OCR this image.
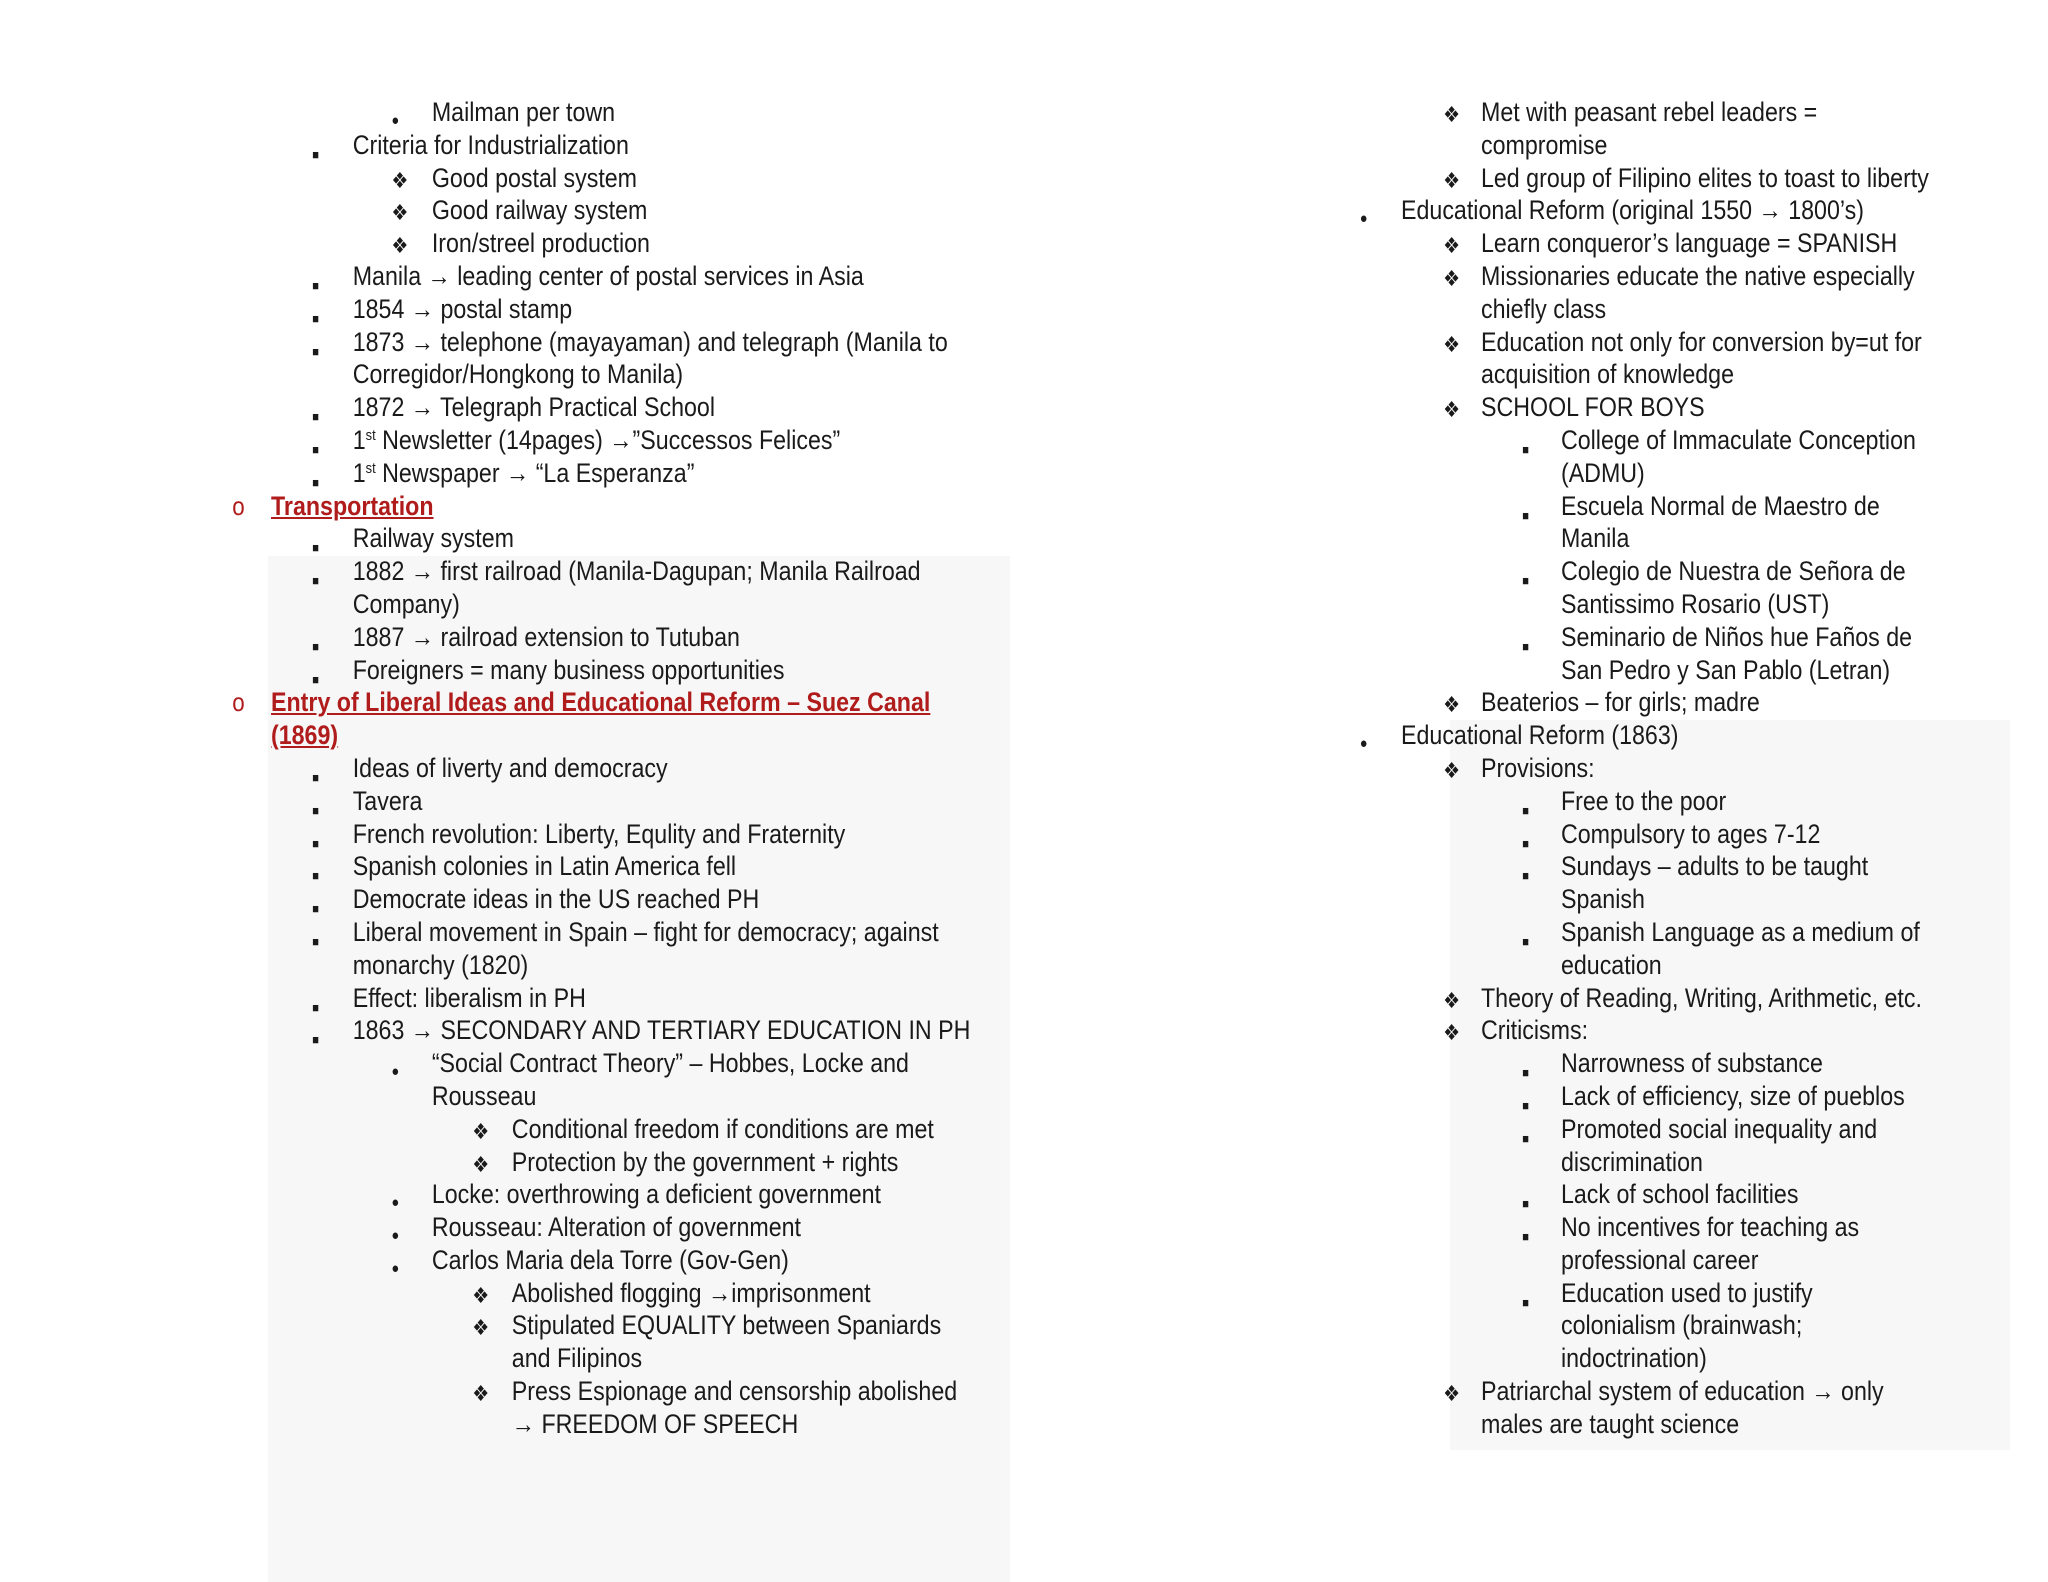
● Mailman per town
■ Criteria for Industrialization
❖ Good postal system
❖ Good railway system
❖ Iron/streel production
■ Manila → leading center of postal services in Asia
■ 1854 → postal stamp
■ 1873 → telephone (mayayaman) and telegraph (Manila to
Corregidor/Hongkong to Manila)
■ 1872 → Telegraph Practical School
■ 1st Newsletter (14pages) →”Successos Felices”
■ 1st Newspaper → “La Esperanza”
o Transportation
■ Railway system
■ 1882 → first railroad (Manila-Dagupan; Manila Railroad
Company)
■ 1887 → railroad extension to Tutuban
■ Foreigners = many business opportunities
o Entry of Liberal Ideas and Educational Reform – Suez Canal
(1869)
■ Ideas of liverty and democracy
■ Tavera
■ French revolution: Liberty, Equlity and Fraternity
■ Spanish colonies in Latin America fell
■ Democrate ideas in the US reached PH
■ Liberal movement in Spain – fight for democracy; against
monarchy (1820)
■ Effect: liberalism in PH
■ 1863 → SECONDARY AND TERTIARY EDUCATION IN PH
● “Social Contract Theory” – Hobbes, Locke and
Rousseau
❖ Conditional freedom if conditions are met
❖ Protection by the government + rights
● Locke: overthrowing a deficient government
● Rousseau: Alteration of government
● Carlos Maria dela Torre (Gov-Gen)
❖ Abolished flogging →imprisonment
❖ Stipulated EQUALITY between Spaniards
and Filipinos
❖ Press Espionage and censorship abolished
→ FREEDOM OF SPEECH
❖ Met with peasant rebel leaders =
compromise
❖ Led group of Filipino elites to toast to liberty
● Educational Reform (original 1550 → 1800’s)
❖ Learn conqueror’s language = SPANISH
❖ Missionaries educate the native especially
chiefly class
❖ Education not only for conversion by=ut for
acquisition of knowledge
❖ SCHOOL FOR BOYS
■ College of Immaculate Conception
(ADMU)
■ Escuela Normal de Maestro de
Manila
■ Colegio de Nuestra de Señora de
Santissimo Rosario (UST)
■ Seminario de Niños hue Faños de
San Pedro y San Pablo (Letran)
❖ Beaterios – for girls; madre
● Educational Reform (1863)
❖ Provisions:
■ Free to the poor
■ Compulsory to ages 7-12
■ Sundays – adults to be taught
Spanish
■ Spanish Language as a medium of
education
❖ Theory of Reading, Writing, Arithmetic, etc.
❖ Criticisms:
■ Narrowness of substance
■ Lack of efficiency, size of pueblos
■ Promoted social inequality and
discrimination
■ Lack of school facilities
■ No incentives for teaching as
professional career
■ Education used to justify
colonialism (brainwash;
indoctrination)
❖ Patriarchal system of education → only
males are taught science
